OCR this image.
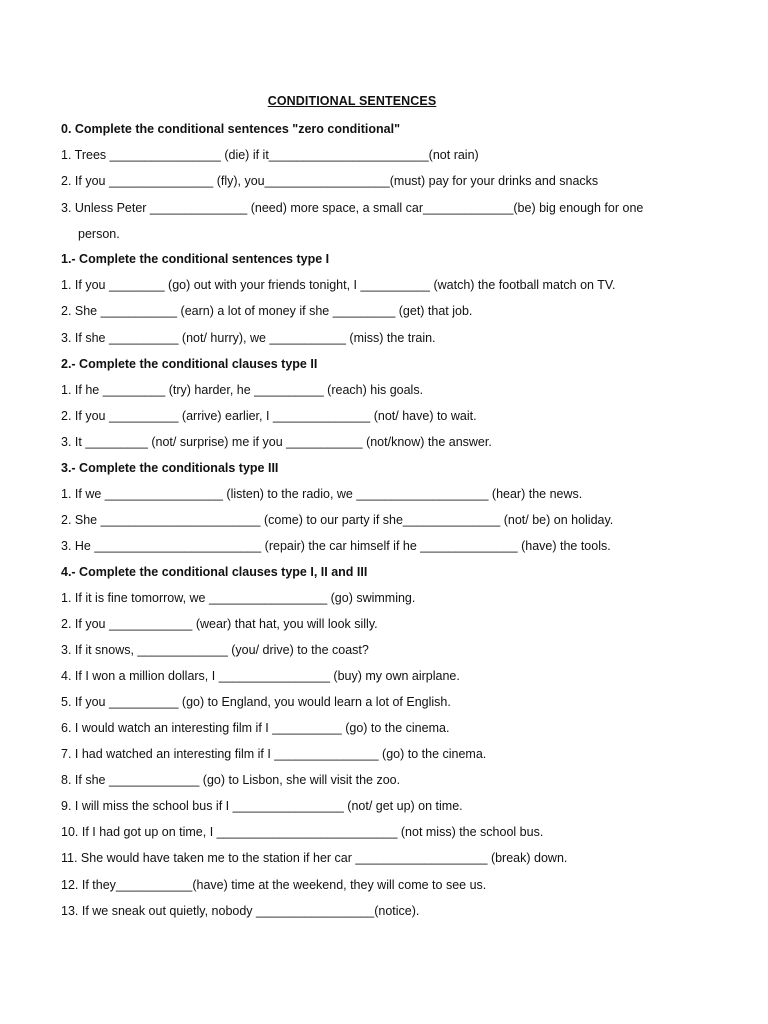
CONDITIONAL SENTENCES
0. Complete the conditional sentences "zero conditional"
1. Trees ________________ (die) if it_______________________(not rain)
2. If you _______________ (fly), you__________________(must) pay for your drinks and snacks
3. Unless Peter ______________ (need) more space, a small car_____________(be) big enough for one
person.
1.- Complete the conditional sentences type I
1. If you ________ (go) out with your friends tonight, I __________ (watch) the football match on TV.
2. She ___________ (earn) a lot of money if she _________ (get) that job.
3. If she __________ (not/ hurry), we ___________ (miss) the train.
2.- Complete the conditional clauses type II
1. If he _________ (try) harder, he __________ (reach) his goals.
2. If you __________ (arrive) earlier, I ______________ (not/ have) to wait.
3. It _________ (not/ surprise) me if you ___________ (not/know) the answer.
3.- Complete the conditionals type III
1. If we _________________ (listen) to the radio, we ___________________ (hear) the news.
2. She _______________________ (come) to our party if she______________ (not/ be) on holiday.
3. He ________________________ (repair) the car himself if he ______________ (have) the tools.
4.- Complete the conditional clauses type I, II and III
1. If it is fine tomorrow, we _________________ (go) swimming.
2. If you ____________ (wear) that hat, you will look silly.
3. If it snows, _____________ (you/ drive) to the coast?
4. If I won a million dollars, I ________________ (buy) my own airplane.
5. If you __________ (go) to England, you would learn a lot of English.
6. I would watch an interesting film if I __________ (go) to the cinema.
7. I had watched an interesting film if I _______________ (go) to the cinema.
8. If she _____________ (go) to Lisbon, she will visit the zoo.
9. I will miss the school bus if I ________________ (not/ get up) on time.
10. If I had got up on time, I __________________________ (not miss) the school bus.
11. She would have taken me to the station if her car ___________________ (break) down.
12. If they___________(have) time at the weekend, they will come to see us.
13. If we sneak out quietly, nobody _________________(notice).
